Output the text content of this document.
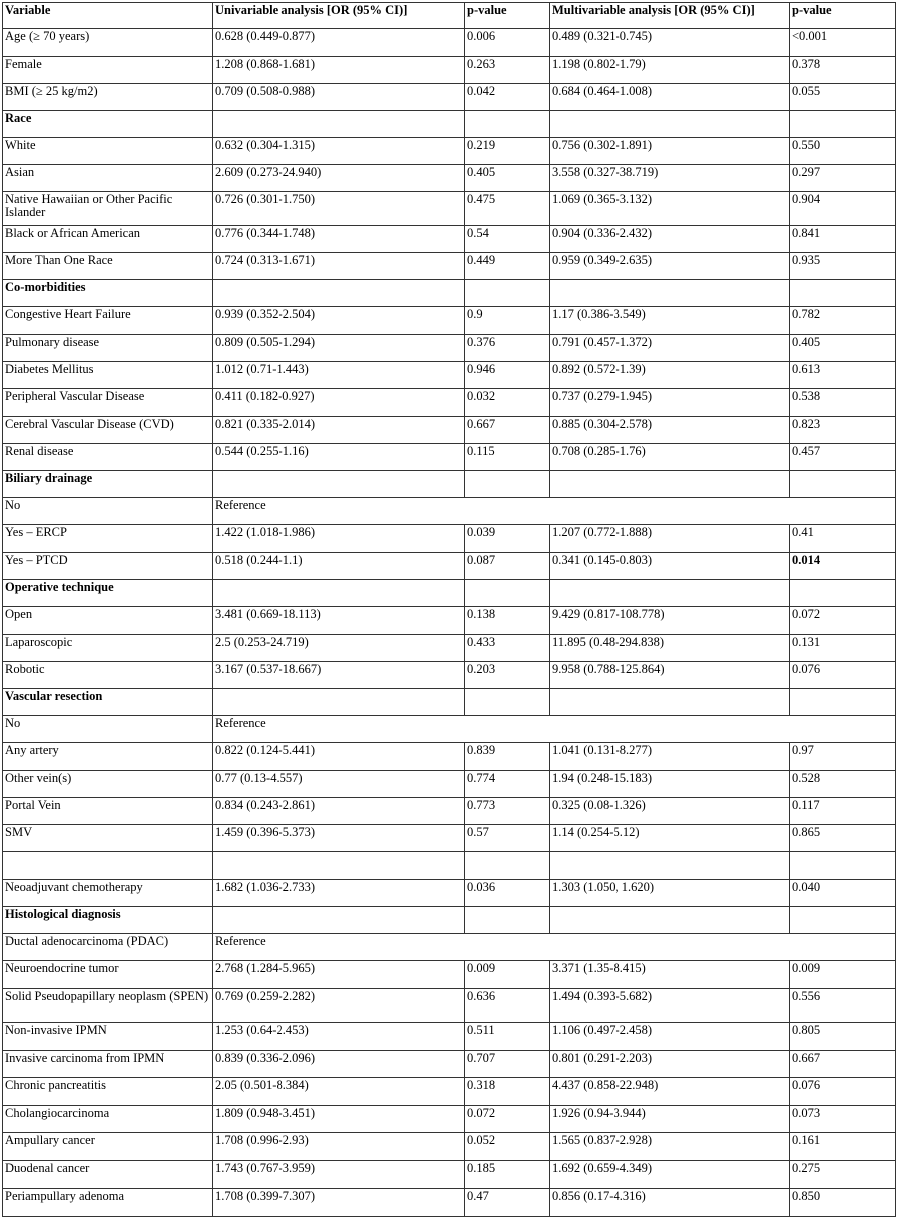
Variable	Univariable analysis [OR (95% CI)]	p-value	Multivariable analysis [OR (95% CI)]	p-value
Age (≥ 70 years)	0.628 (0.449-0.877)	0.006	0.489 (0.321-0.745)	<0.001
Female	1.208 (0.868-1.681)	0.263	1.198 (0.802-1.79)	0.378
BMI (≥ 25 kg/m2)	0.709 (0.508-0.988)	0.042	0.684 (0.464-1.008)	0.055
Race				
White	0.632 (0.304-1.315)	0.219	0.756 (0.302-1.891)	0.550
Asian	2.609 (0.273-24.940)	0.405	3.558 (0.327-38.719)	0.297
Native Hawaiian or Other Pacific Islander	0.726 (0.301-1.750)	0.475	1.069 (0.365-3.132)	0.904
Black or African American	0.776 (0.344-1.748)	0.54	0.904 (0.336-2.432)	0.841
More Than One Race	0.724 (0.313-1.671)	0.449	0.959 (0.349-2.635)	0.935
Co-morbidities				
Congestive Heart Failure	0.939 (0.352-2.504)	0.9	1.17 (0.386-3.549)	0.782
Pulmonary disease	0.809 (0.505-1.294)	0.376	0.791 (0.457-1.372)	0.405
Diabetes Mellitus	1.012 (0.71-1.443)	0.946	0.892 (0.572-1.39)	0.613
Peripheral Vascular Disease	0.411 (0.182-0.927)	0.032	0.737 (0.279-1.945)	0.538
Cerebral Vascular Disease (CVD)	0.821 (0.335-2.014)	0.667	0.885 (0.304-2.578)	0.823
Renal disease	0.544 (0.255-1.16)	0.115	0.708 (0.285-1.76)	0.457
Biliary drainage				
No	Reference			
Yes – ERCP	1.422 (1.018-1.986)	0.039	1.207 (0.772-1.888)	0.41
Yes – PTCD	0.518 (0.244-1.1)	0.087	0.341 (0.145-0.803)	0.014
Operative technique				
Open	3.481 (0.669-18.113)	0.138	9.429 (0.817-108.778)	0.072
Laparoscopic	2.5 (0.253-24.719)	0.433	11.895 (0.48-294.838)	0.131
Robotic	3.167 (0.537-18.667)	0.203	9.958 (0.788-125.864)	0.076
Vascular resection				
No	Reference			
Any artery	0.822 (0.124-5.441)	0.839	1.041 (0.131-8.277)	0.97
Other vein(s)	0.77 (0.13-4.557)	0.774	1.94 (0.248-15.183)	0.528
Portal Vein	0.834 (0.243-2.861)	0.773	0.325 (0.08-1.326)	0.117
SMV	1.459 (0.396-5.373)	0.57	1.14 (0.254-5.12)	0.865

Neoadjuvant chemotherapy	1.682 (1.036-2.733)	0.036	1.303 (1.050, 1.620)	0.040
Histological diagnosis				
Ductal adenocarcinoma (PDAC)	Reference			
Neuroendocrine tumor	2.768 (1.284-5.965)	0.009	3.371 (1.35-8.415)	0.009
Solid Pseudopapillary neoplasm (SPEN)	0.769 (0.259-2.282)	0.636	1.494 (0.393-5.682)	0.556
Non-invasive IPMN	1.253 (0.64-2.453)	0.511	1.106 (0.497-2.458)	0.805
Invasive carcinoma from IPMN	0.839 (0.336-2.096)	0.707	0.801 (0.291-2.203)	0.667
Chronic pancreatitis	2.05 (0.501-8.384)	0.318	4.437 (0.858-22.948)	0.076
Cholangiocarcinoma	1.809 (0.948-3.451)	0.072	1.926 (0.94-3.944)	0.073
Ampullary cancer	1.708 (0.996-2.93)	0.052	1.565 (0.837-2.928)	0.161
Duodenal cancer	1.743 (0.767-3.959)	0.185	1.692 (0.659-4.349)	0.275
Periampullary adenoma	1.708 (0.399-7.307)	0.47	0.856 (0.17-4.316)	0.850
